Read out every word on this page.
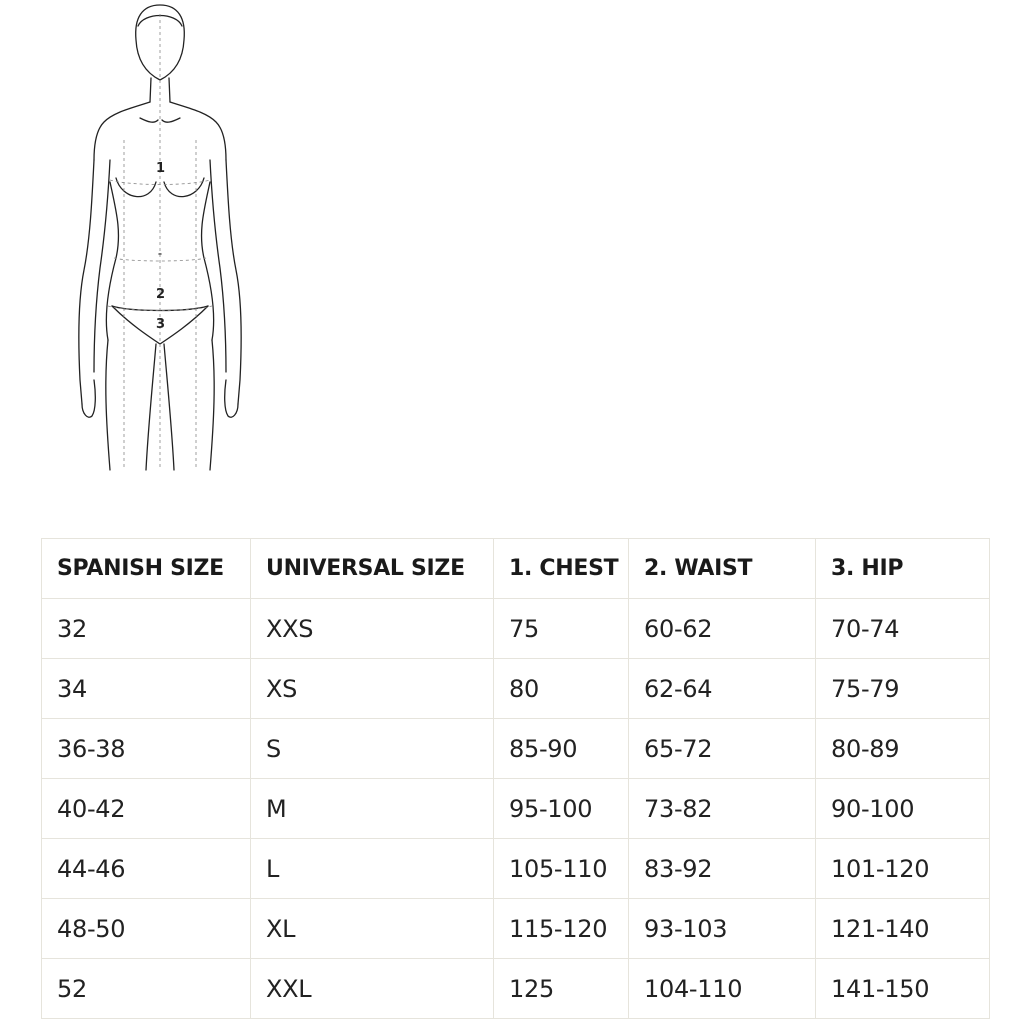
1
2
3
SPANISH SIZE	UNIVERSAL SIZE	1. CHEST	2. WAIST	3. HIP
32	XXS	75	60-62	70-74
34	XS	80	62-64	75-79
36-38	S	85-90	65-72	80-89
40-42	M	95-100	73-82	90-100
44-46	L	105-110	83-92	101-120
48-50	XL	115-120	93-103	121-140
52	XXL	125	104-110	141-150
